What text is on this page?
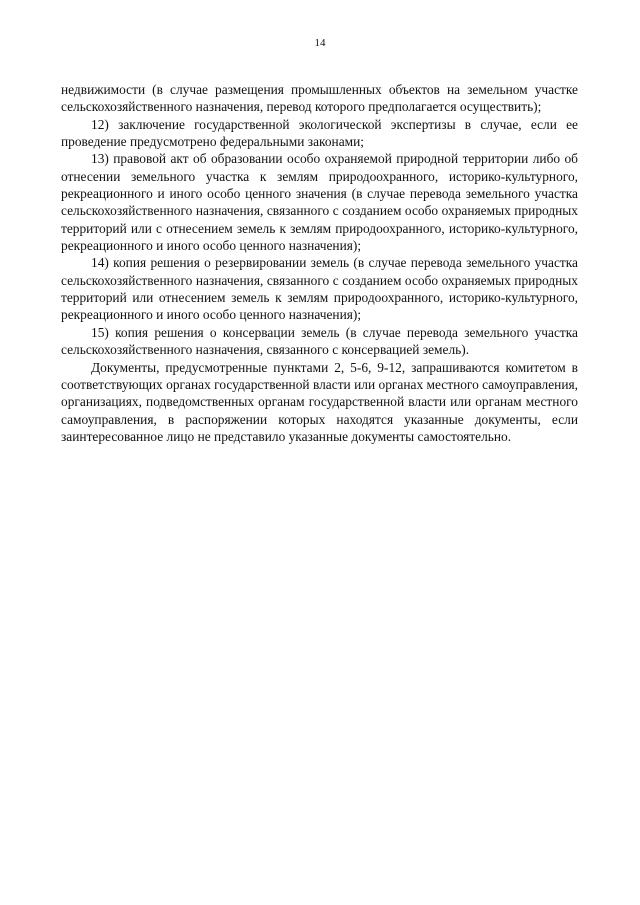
14

недвижимости (в случае размещения промышленных объектов на земельном участке сельскохозяйственного назначения, перевод которого предполагается осуществить);

12) заключение государственной экологической экспертизы в случае, если ее проведение предусмотрено федеральными законами;

13) правовой акт об образовании особо охраняемой природной территории либо об отнесении земельного участка к землям природоохранного, историко-культурного, рекреационного и иного особо ценного значения (в случае перевода земельного участка сельскохозяйственного назначения, связанного с созданием особо охраняемых природных территорий или с отнесением земель к землям природоохранного, историко-культурного, рекреационного и иного особо ценного назначения);

14) копия решения о резервировании земель (в случае перевода земельного участка сельскохозяйственного назначения, связанного с созданием особо охраняемых природных территорий или отнесением земель к землям природоохранного, историко-культурного, рекреационного и иного особо ценного назначения);

15) копия решения о консервации земель (в случае перевода земельного участка сельскохозяйственного назначения, связанного с консервацией земель).

Документы, предусмотренные пунктами 2, 5-6, 9-12, запрашиваются комитетом в соответствующих органах государственной власти или органах местного самоуправления, организациях, подведомственных органам государственной власти или органам местного самоуправления, в распоряжении которых находятся указанные документы, если заинтересованное лицо не представило указанные документы самостоятельно.
